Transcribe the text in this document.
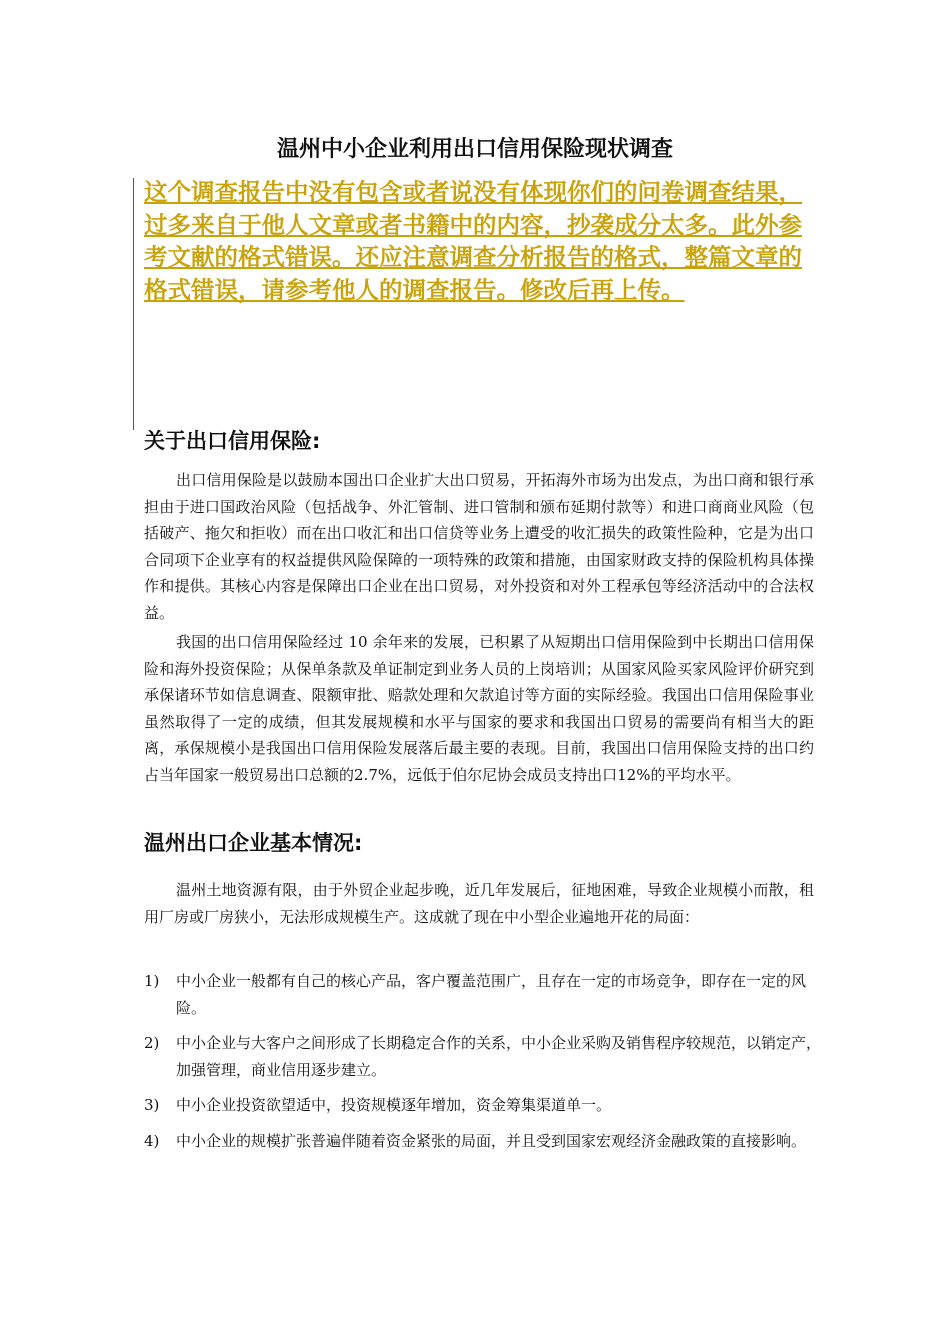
温州中小企业利用出口信用保险现状调查

这个调查报告中没有包含或者说没有体现你们的问卷调查结果，过多来自于他人文章或者书籍中的内容，抄袭成分太多。此外参考文献的格式错误。还应注意调查分析报告的格式，整篇文章的格式错误，请参考他人的调查报告。修改后再上传。

关于出口信用保险:

出口信用保险是以鼓励本国出口企业扩大出口贸易，开拓海外市场为出发点，为出口商和银行承担由于进口国政治风险（包括战争、外汇管制、进口管制和颁布延期付款等）和进口商商业风险（包括破产、拖欠和拒收）而在出口收汇和出口信贷等业务上遭受的收汇损失的政策性险种，它是为出口合同项下企业享有的权益提供风险保障的一项特殊的政策和措施，由国家财政支持的保险机构具体操作和提供。其核心内容是保障出口企业在出口贸易，对外投资和对外工程承包等经济活动中的合法权益。

我国的出口信用保险经过 10 余年来的发展，已积累了从短期出口信用保险到中长期出口信用保险和海外投资保险；从保单条款及单证制定到业务人员的上岗培训；从国家风险买家风险评价研究到承保诸环节如信息调查、限额审批、赔款处理和欠款追讨等方面的实际经验。我国出口信用保险事业虽然取得了一定的成绩，但其发展规模和水平与国家的要求和我国出口贸易的需要尚有相当大的距离，承保规模小是我国出口信用保险发展落后最主要的表现。目前，我国出口信用保险支持的出口约占当年国家一般贸易出口总额的2.7%，远低于伯尔尼协会成员支持出口12%的平均水平。

温州出口企业基本情况:

温州土地资源有限，由于外贸企业起步晚，近几年发展后，征地困难，导致企业规模小而散，租用厂房或厂房狭小，无法形成规模生产。这成就了现在中小型企业遍地开花的局面：

1)	中小企业一般都有自己的核心产品，客户覆盖范围广，且存在一定的市场竞争，即存在一定的风险。
2)	中小企业与大客户之间形成了长期稳定合作的关系，中小企业采购及销售程序较规范，以销定产，加强管理，商业信用逐步建立。
3)	中小企业投资欲望适中，投资规模逐年增加，资金筹集渠道单一。
4)	中小企业的规模扩张普遍伴随着资金紧张的局面，并且受到国家宏观经济金融政策的直接影响。
